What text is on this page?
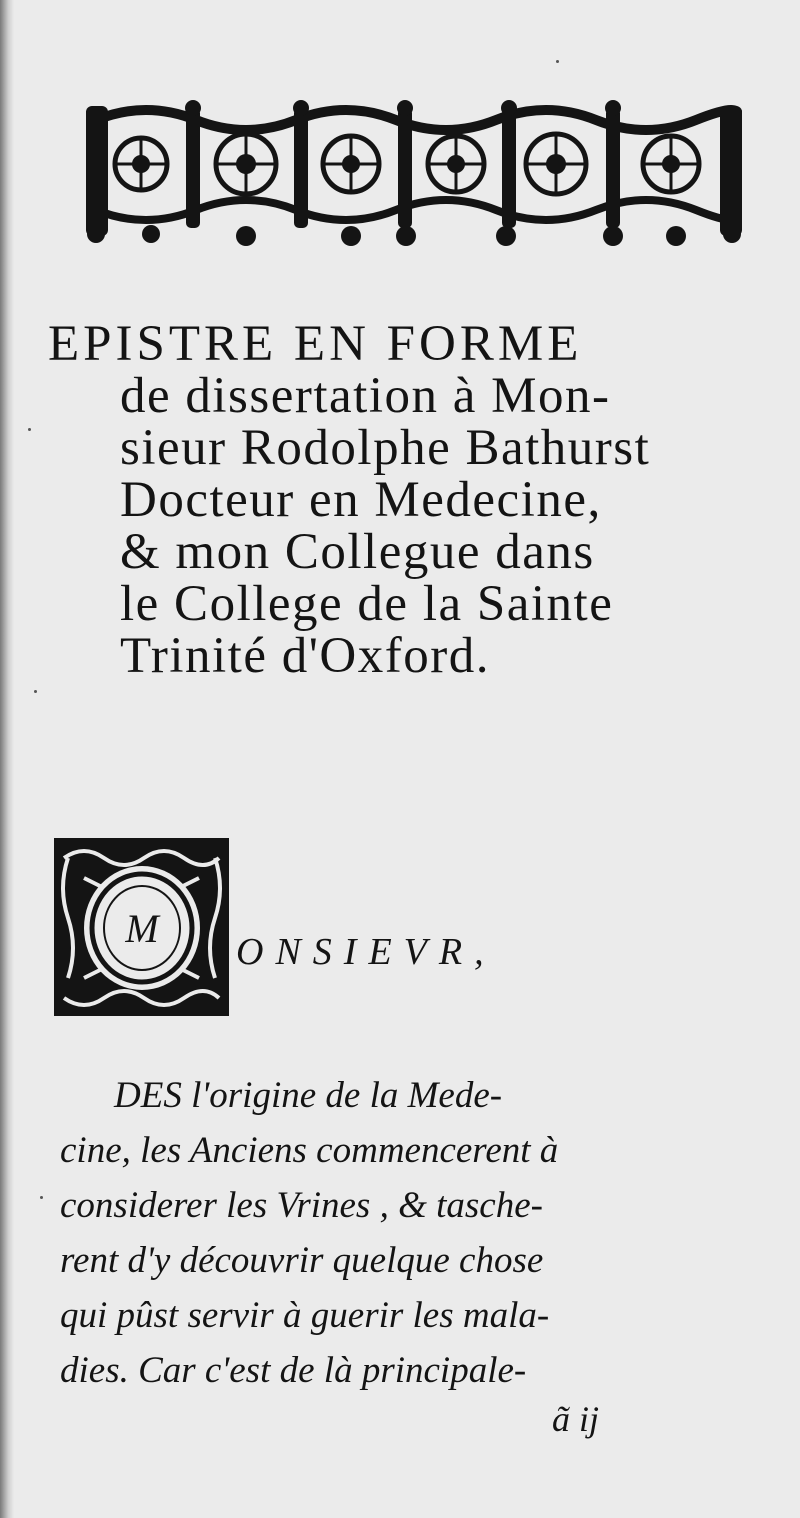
EPISTRE EN FORME
de dissertation à Mon-
sieur Rodolphe Bathurst
Docteur en Medecine,
& mon Collegue dans
le College de la Sainte
Trinité d'Oxford.
M
ONSIEVR,
DES l'origine de la Mede-
cine, les Anciens commencerent à
considerer les Vrines , & tasche-
rent d'y découvrir quelque chose
qui pûst servir à guerir les mala-
dies. Car c'est de là principale-
ã ij
